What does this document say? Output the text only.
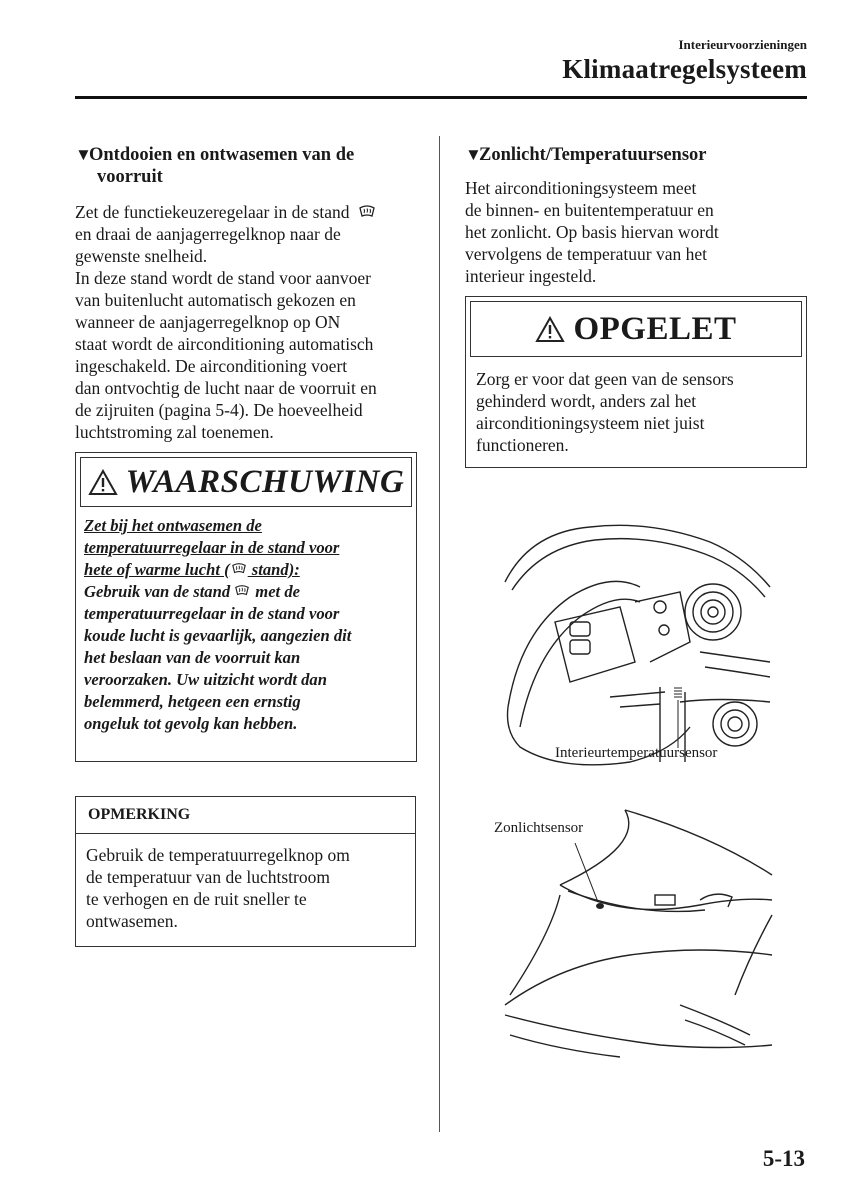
Interieurvoorzieningen
Klimaatregelsysteem
▼Ontdooien en ontwasemen van de
voorruit
Zet de functiekeuzeregelaar in de stand
en draai de aanjagerregelknop naar de
gewenste snelheid.
In deze stand wordt de stand voor aanvoer
van buitenlucht automatisch gekozen en
wanneer de aanjagerregelknop op ON
staat wordt de airconditioning automatisch
ingeschakeld. De airconditioning voert
dan ontvochtig de lucht naar de voorruit en
de zijruiten (pagina 5-4). De hoeveelheid
luchtstroming zal toenemen.
WAARSCHUWING
Zet bij het ontwasemen de
temperatuurregelaar in de stand voor
hete of warme lucht ( stand):
Gebruik van de stand met de
temperatuurregelaar in de stand voor
koude lucht is gevaarlijk, aangezien dit
het beslaan van de voorruit kan
veroorzaken. Uw uitzicht wordt dan
belemmerd, hetgeen een ernstig
ongeluk tot gevolg kan hebben.
OPMERKING
Gebruik de temperatuurregelknop om
de temperatuur van de luchtstroom
te verhogen en de ruit sneller te
ontwasemen.
▼Zonlicht/Temperatuursensor
Het airconditioningsysteem meet
de binnen- en buitentemperatuur en
het zonlicht. Op basis hiervan wordt
vervolgens de temperatuur van het
interieur ingesteld.
OPGELET
Zorg er voor dat geen van de sensors
gehinderd wordt, anders zal het
airconditioningsysteem niet juist
functioneren.
Interieurtemperatuursensor
Zonlichtsensor
5-13
